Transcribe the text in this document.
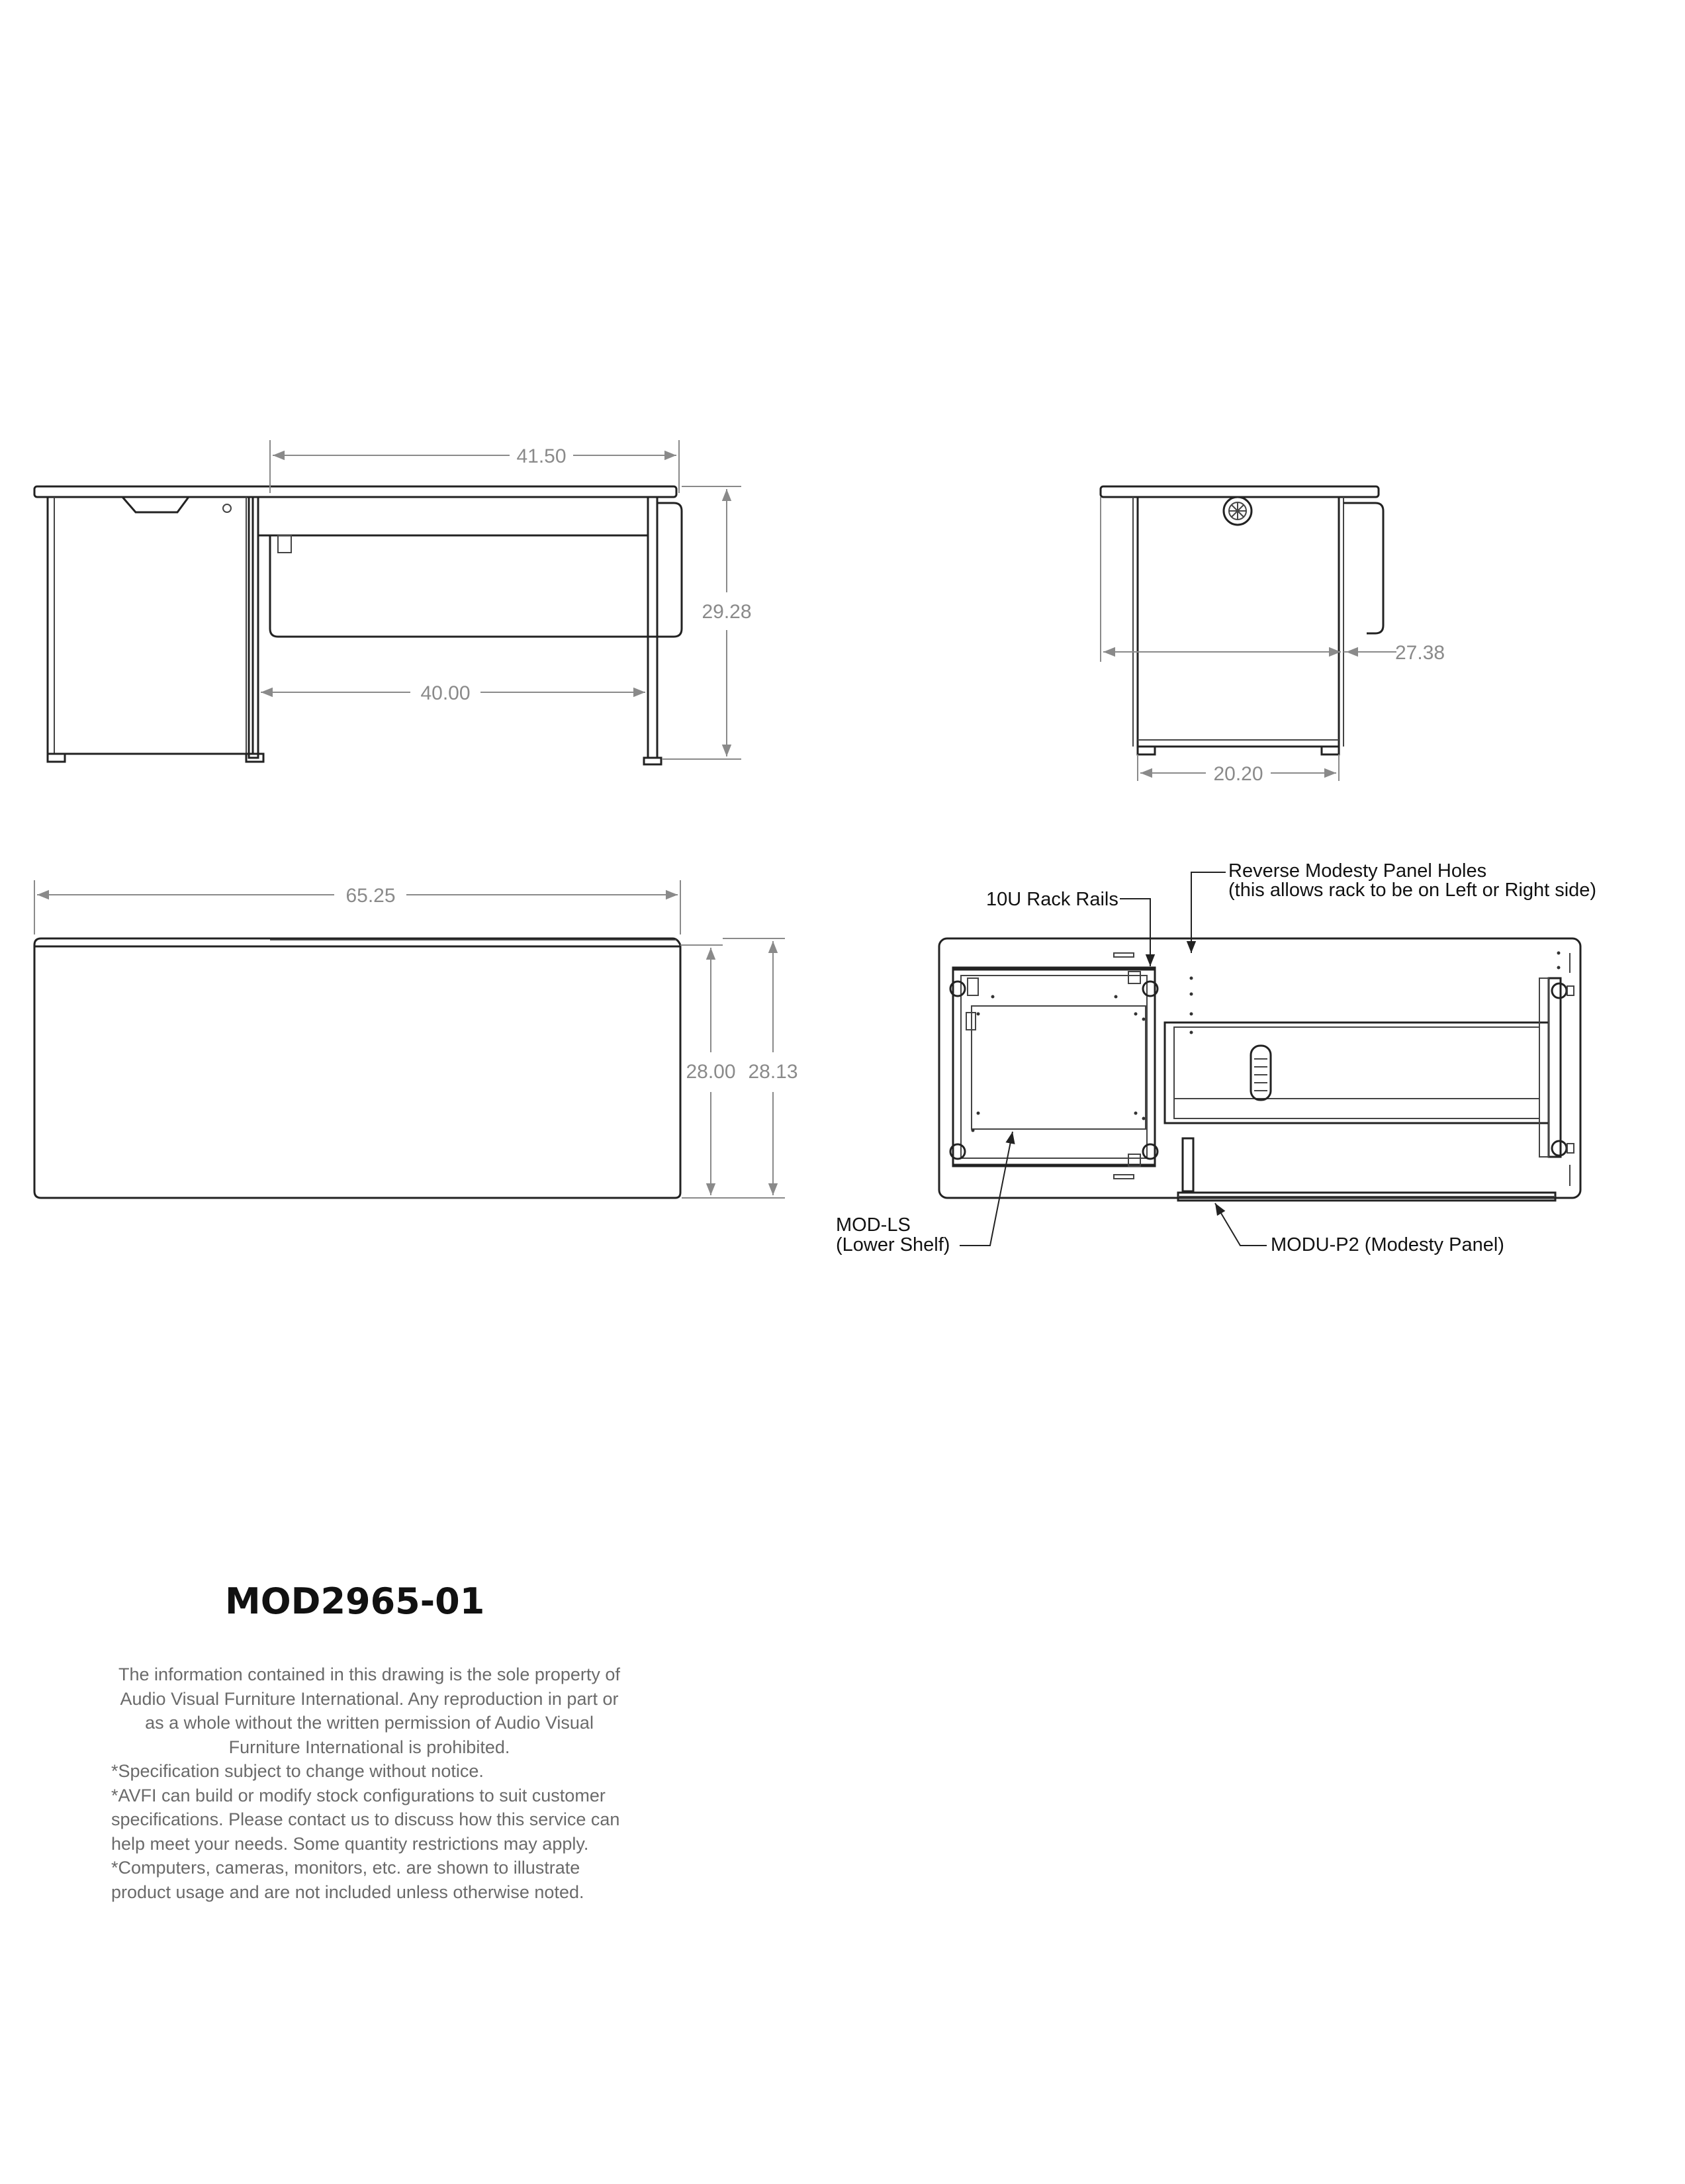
41.50
29.28
40.00
27.38
20.20
65.25
28.00 28.13
10U Rack Rails
Reverse Modesty Panel Holes
(this allows rack to be on Left or Right side)
MOD-LS
(Lower Shelf)	MODU-P2 (Modesty Panel)
MOD2965-01
The information contained in this drawing is the sole property of
Audio Visual Furniture International. Any reproduction in part or
as a whole without the written permission of Audio Visual
Furniture International is prohibited.
*Specification subject to change without notice.
*AVFI can build or modify stock configurations to suit customer
specifications. Please contact us to discuss how this service can
help meet your needs. Some quantity restrictions may apply.
*Computers, cameras, monitors, etc. are shown to illustrate
product usage and are not included unless otherwise noted.
